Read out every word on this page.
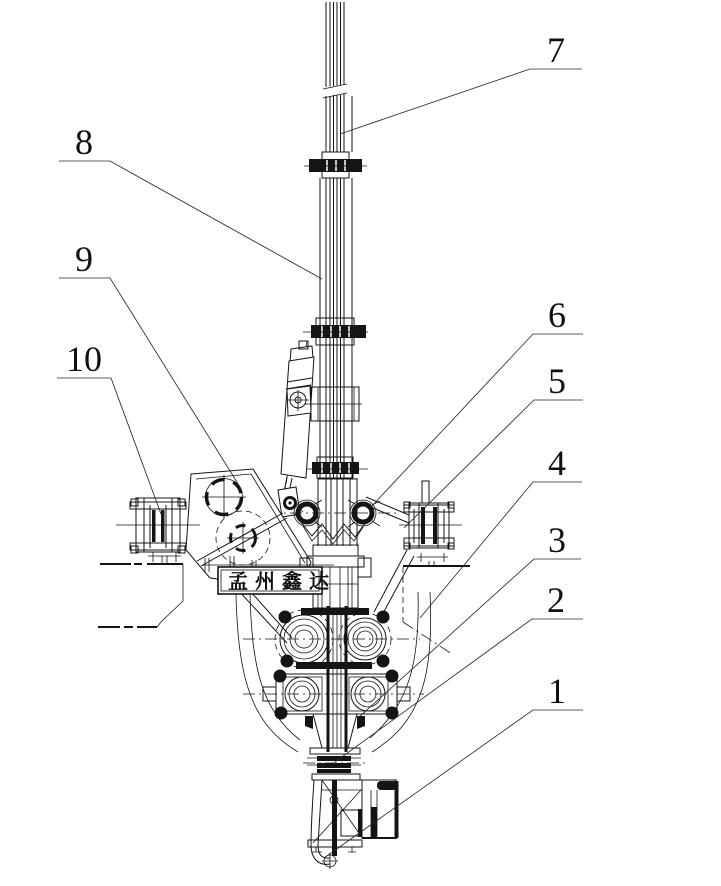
孟州鑫达
7
8
9
10
6
5
4
3
2
1
